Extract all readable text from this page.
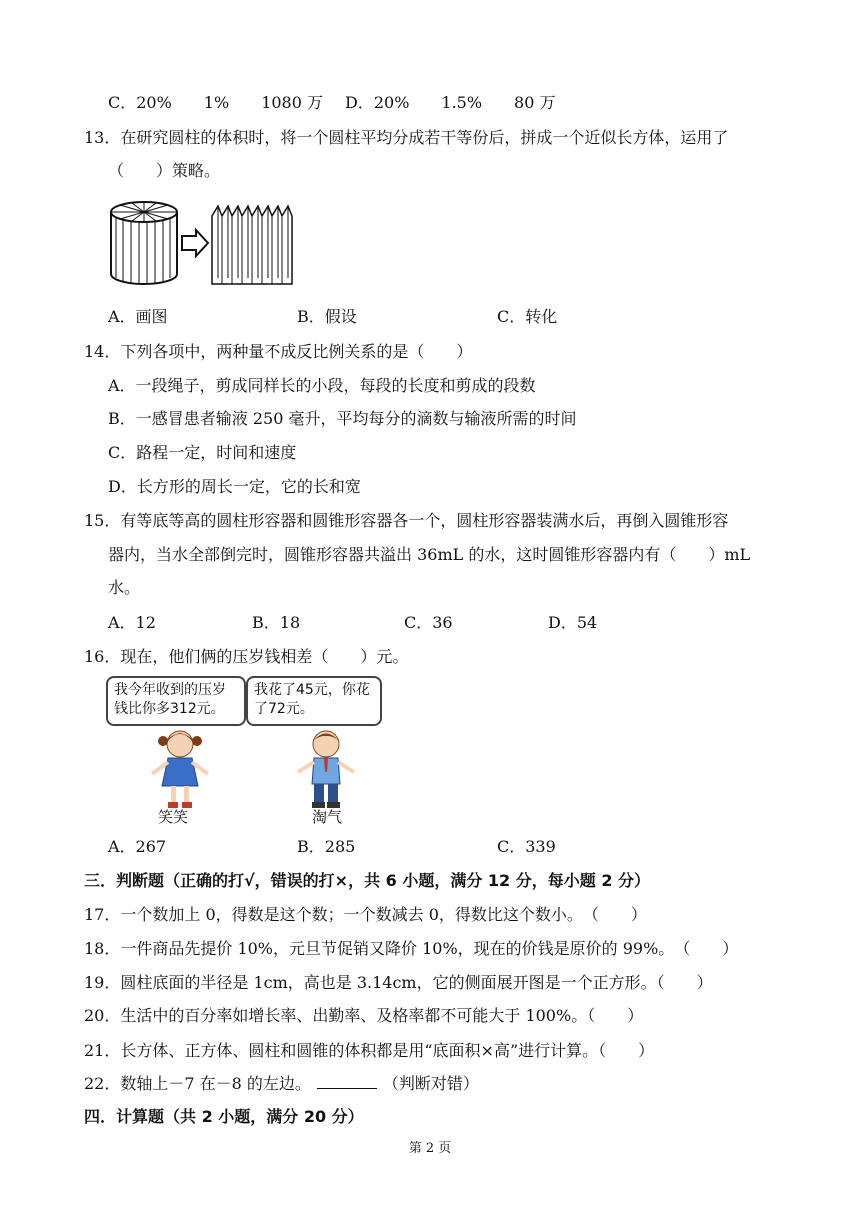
C．20%　　1%　　1080 万 D．20%　　1.5%　　80 万
13．在研究圆柱的体积时，将一个圆柱平均分成若干等份后，拼成一个近似长方体，运用了
（　　）策略。
A．画图	B．假设	C．转化
14．下列各项中，两种量不成反比例关系的是（　　）
A．一段绳子，剪成同样长的小段，每段的长度和剪成的段数
B．一感冒患者输液 250 毫升，平均每分的滴数与输液所需的时间
C．路程一定，时间和速度
D．长方形的周长一定，它的长和宽
15．有等底等高的圆柱形容器和圆锥形容器各一个，圆柱形容器装满水后，再倒入圆锥形容
器内，当水全部倒完时，圆锥形容器共溢出 36mL 的水，这时圆锥形容器内有（　　）mL
水。
A．12	B．18	C．36	D．54
16．现在，他们俩的压岁钱相差（　　）元。
我今年收到的压岁钱比你多312元。
我花了45元，你花了72元。
笑笑	淘气
A．267	B．285	C．339
三．判断题（正确的打√，错误的打×，共 6 小题，满分 12 分，每小题 2 分）
17．一个数加上 0，得数是这个数；一个数减去 0，得数比这个数小。　（　　）
18．一件商品先提价 10%，元旦节促销又降价 10%，现在的价钱是原价的 99%。　（　　）
19．圆柱底面的半径是 1cm，高也是 3.14cm，它的侧面展开图是一个正方形。（　　）
20．生活中的百分率如增长率、出勤率、及格率都不可能大于 100%。（　　）
21．长方体、正方体、圆柱和圆锥的体积都是用“底面积×高”进行计算。（　　）
22．数轴上－7 在－8 的左边。	（判断对错）
四．计算题（共 2 小题，满分 20 分）
第 2 页
